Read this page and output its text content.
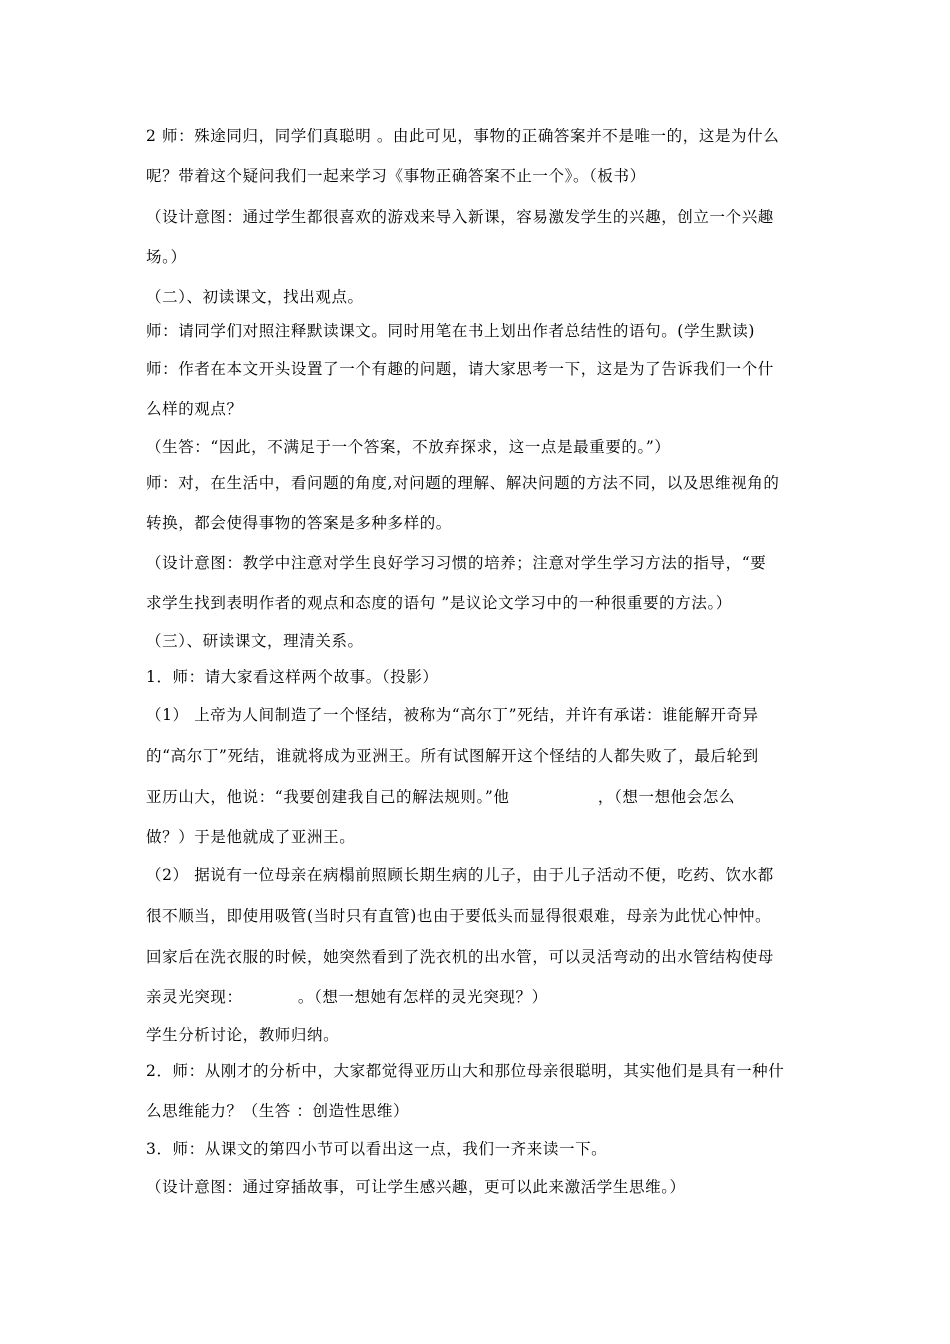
2 师：殊途同归，同学们真聪明 。由此可见，事物的正确答案并不是唯一的，这是为什么
呢？带着这个疑问我们一起来学习《事物正确答案不止一个》。（板书）
（设计意图：通过学生都很喜欢的游戏来导入新课，容易激发学生的兴趣，创立一个兴趣
场。）
（二）、初读课文，找出观点。
师：请同学们对照注释默读课文。同时用笔在书上划出作者总结性的语句。(学生默读)
师：作者在本文开头设置了一个有趣的问题，请大家思考一下，这是为了告诉我们一个什
么样的观点？
（生答：“因此，不满足于一个答案，不放弃探求，这一点是最重要的。”）
师：对，在生活中，看问题的角度,对问题的理解、解决问题的方法不同，以及思维视角的
转换，都会使得事物的答案是多种多样的。
（设计意图：教学中注意对学生良好学习习惯的培养；注意对学生学习方法的指导，“要
求学生找到表明作者的观点和态度的语句 ”是议论文学习中的一种很重要的方法。）
（三）、研读课文，理清关系。
1．师：请大家看这样两个故事。（投影）
（1） 上帝为人间制造了一个怪结，被称为“高尔丁”死结，并许有承诺：谁能解开奇异
的“高尔丁”死结，谁就将成为亚洲王。所有试图解开这个怪结的人都失败了，最后轮到
亚历山大，他说：“我要创建我自己的解法规则。”他                ，（想一想他会怎么
做？）于是他就成了亚洲王。
（2） 据说有一位母亲在病榻前照顾长期生病的儿子，由于儿子活动不便，吃药、饮水都
很不顺当，即使用吸管(当时只有直管)也由于要低头而显得很艰难，母亲为此忧心忡忡。
回家后在洗衣服的时候，她突然看到了洗衣机的出水管，可以灵活弯动的出水管结构使母
亲灵光突现：          。（想一想她有怎样的灵光突现？）
学生分析讨论，教师归纳。
2．师：从刚才的分析中，大家都觉得亚历山大和那位母亲很聪明，其实他们是具有一种什
么思维能力？（生答 ：创造性思维）
3．师：从课文的第四小节可以看出这一点，我们一齐来读一下。
（设计意图：通过穿插故事，可让学生感兴趣，更可以此来激活学生思维。）
